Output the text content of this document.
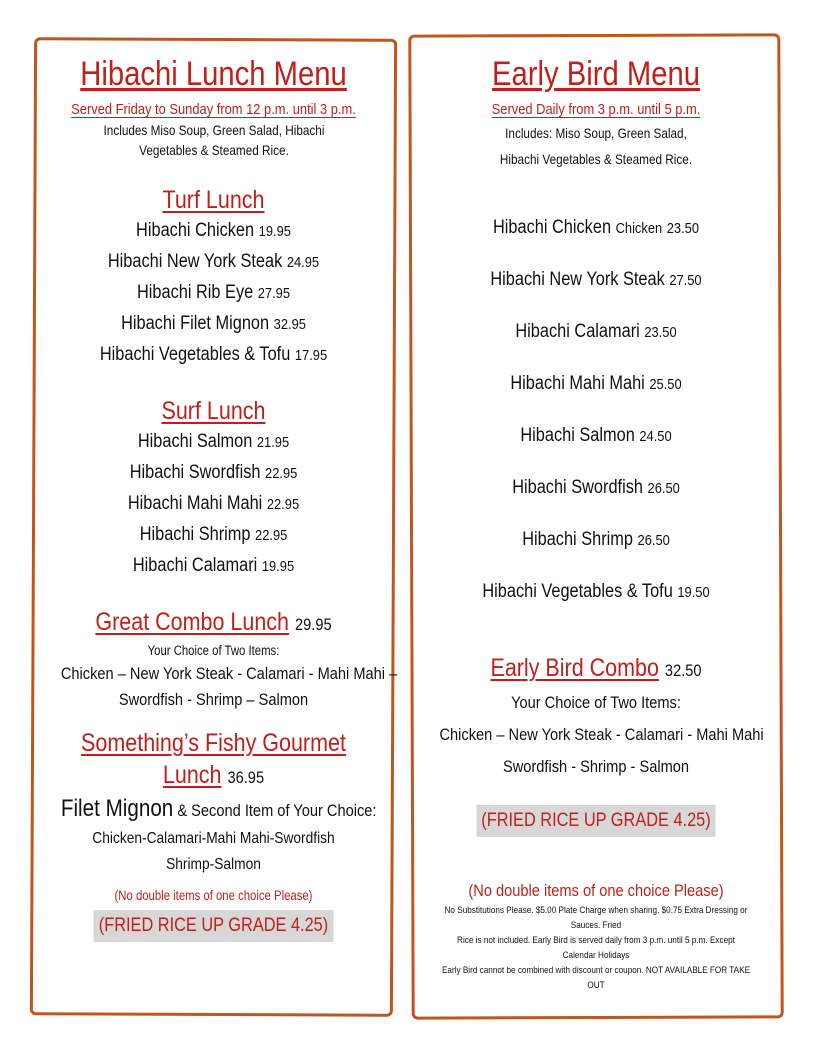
Hibachi Lunch Menu
Served Friday to Sunday from 12 p.m. until 3 p.m.
Includes Miso Soup, Green Salad, Hibachi Vegetables & Steamed Rice.
Turf Lunch
Hibachi Chicken 19.95
Hibachi New York Steak 24.95
Hibachi Rib Eye 27.95
Hibachi Filet Mignon 32.95
Hibachi Vegetables & Tofu 17.95
Surf Lunch
Hibachi Salmon 21.95
Hibachi Swordfish 22.95
Hibachi Mahi Mahi 22.95
Hibachi Shrimp 22.95
Hibachi Calamari 19.95
Great Combo Lunch 29.95
Your Choice of Two Items:
Chicken – New York Steak - Calamari - Mahi Mahi –
Swordfish - Shrimp – Salmon
Something’s Fishy Gourmet Lunch 36.95
Filet Mignon & Second Item of Your Choice:
Chicken-Calamari-Mahi Mahi-Swordfish
Shrimp-Salmon
(No double items of one choice Please)
(FRIED RICE UP GRADE 4.25)
Early Bird Menu
Served Daily from 3 p.m. until 5 p.m.
Includes: Miso Soup, Green Salad, Hibachi Vegetables & Steamed Rice.
Hibachi Chicken Chicken 23.50
Hibachi New York Steak 27.50
Hibachi Calamari 23.50
Hibachi Mahi Mahi 25.50
Hibachi Salmon 24.50
Hibachi Swordfish 26.50
Hibachi Shrimp 26.50
Hibachi Vegetables & Tofu 19.50
Early Bird Combo 32.50
Your Choice of Two Items:
Chicken – New York Steak - Calamari - Mahi Mahi
Swordfish - Shrimp - Salmon
(FRIED RICE UP GRADE 4.25)
(No double items of one choice Please)
No Substitutions Please. $5.00 Plate Charge when sharing. $0.75 Extra Dressing or Sauces. Fried
Rice is not included. Early Bird is served daily from 3 p.m. until 5 p.m. Except Calendar Holidays
Early Bird cannot be combined with discount or coupon. NOT AVAILABLE FOR TAKE OUT
